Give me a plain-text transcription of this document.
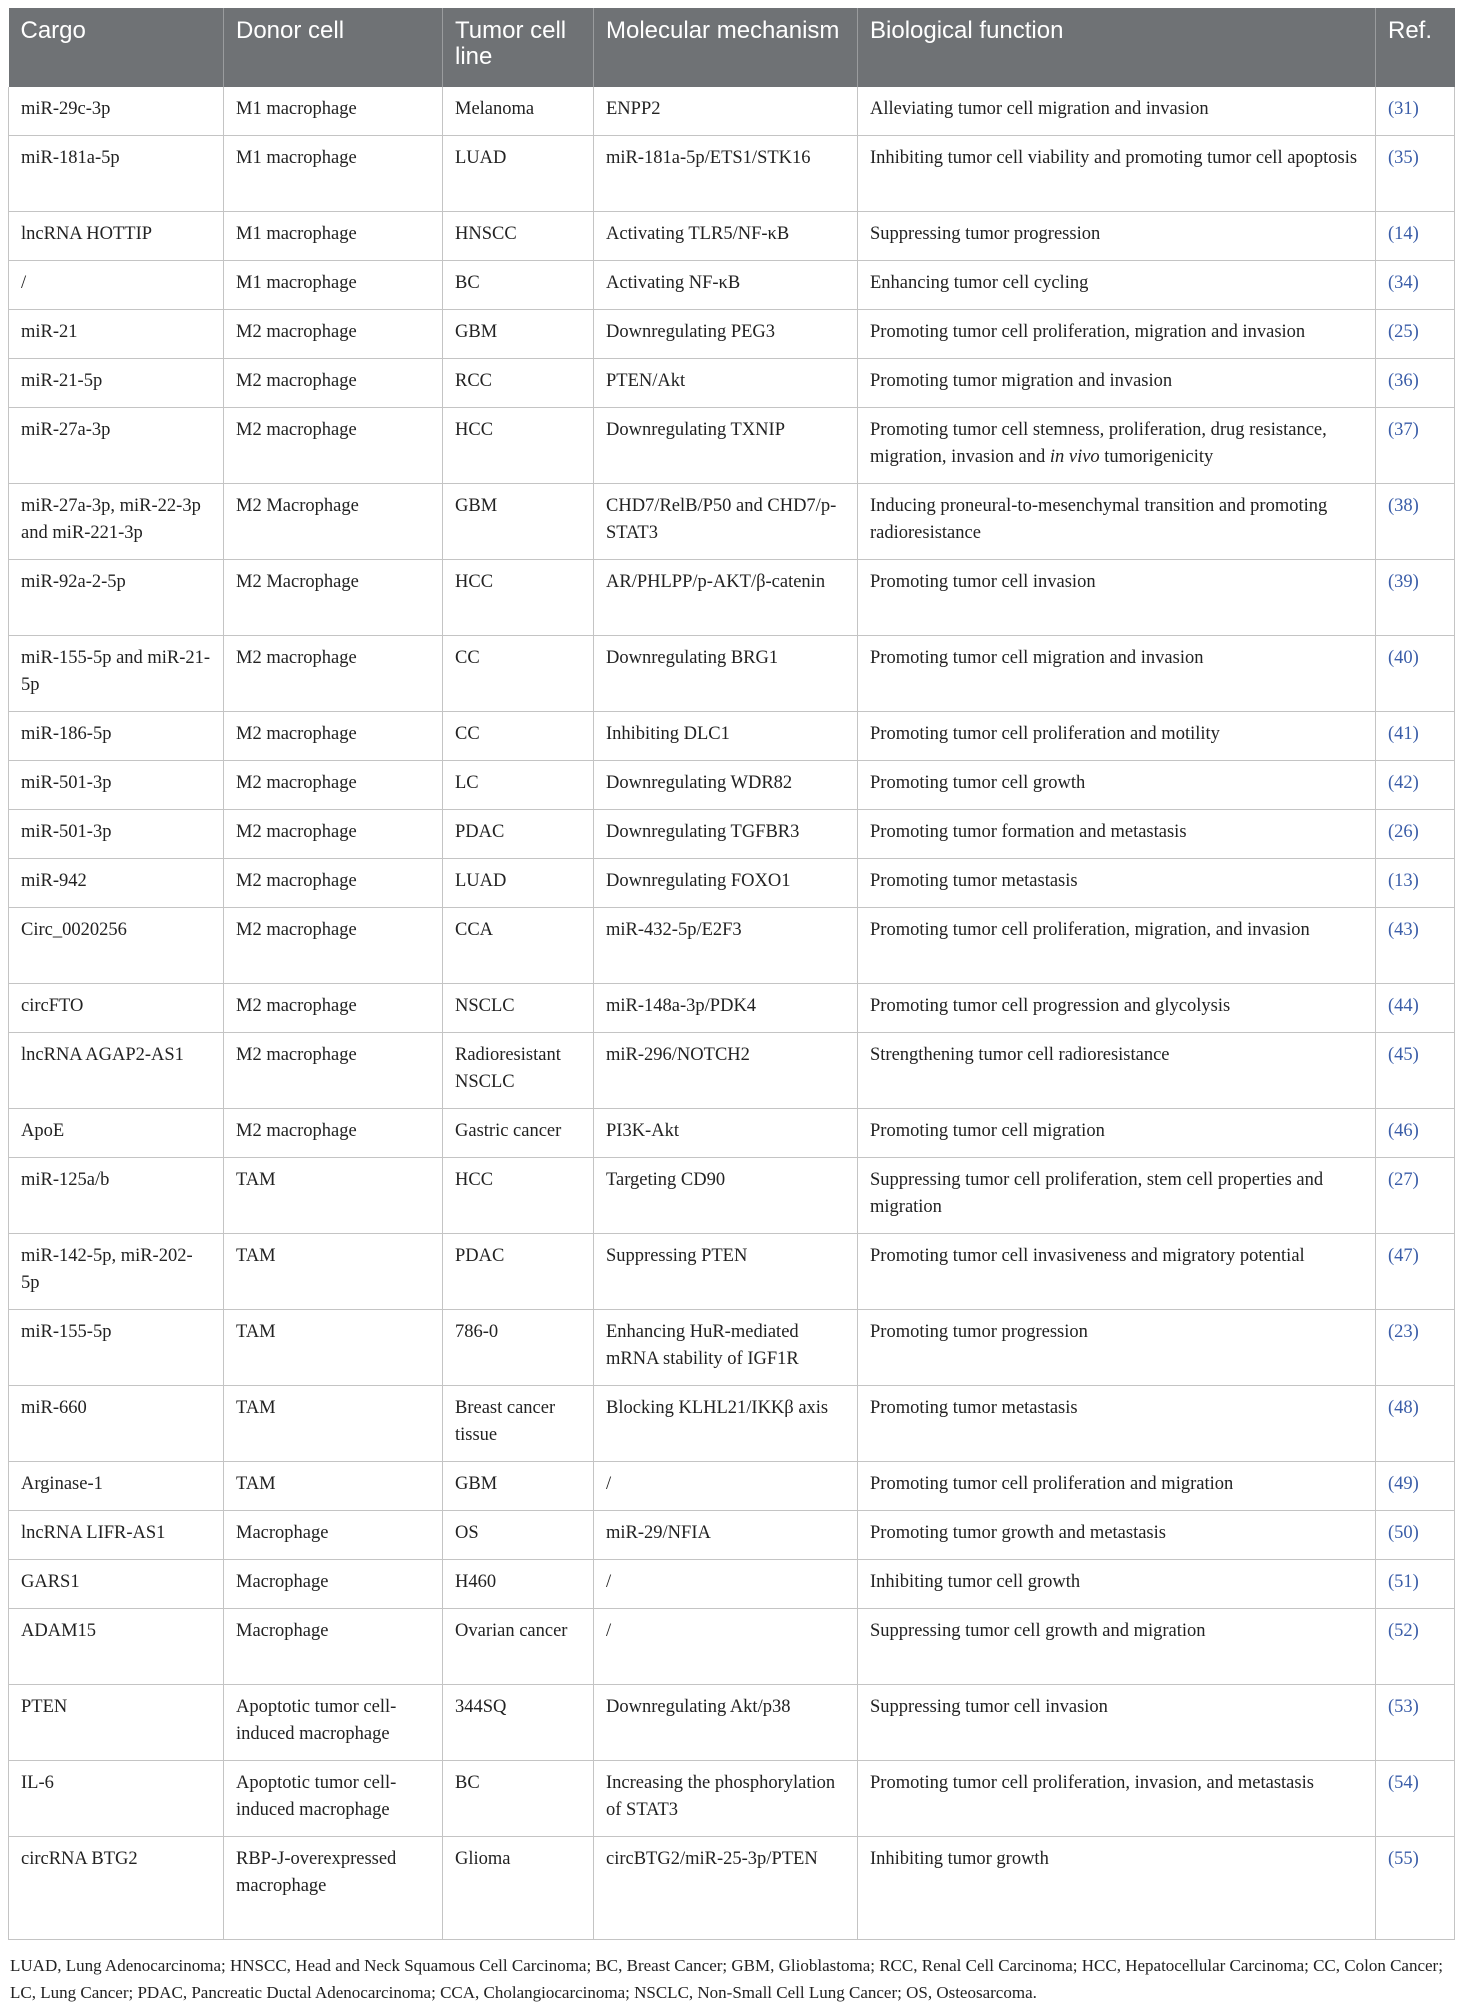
Cargo	Donor cell	Tumor cell line	Molecular mechanism	Biological function	Ref.
miR-29c-3p	M1 macrophage	Melanoma	ENPP2	Alleviating tumor cell migration and invasion	(31)
miR-181a-5p	M1 macrophage	LUAD	miR-181a-5p/ETS1/STK16	Inhibiting tumor cell viability and promoting tumor cell apoptosis	(35)
lncRNA HOTTIP	M1 macrophage	HNSCC	Activating TLR5/NF-κB	Suppressing tumor progression	(14)
/	M1 macrophage	BC	Activating NF-κB	Enhancing tumor cell cycling	(34)
miR-21	M2 macrophage	GBM	Downregulating PEG3	Promoting tumor cell proliferation, migration and invasion	(25)
miR-21-5p	M2 macrophage	RCC	PTEN/Akt	Promoting tumor migration and invasion	(36)
miR-27a-3p	M2 macrophage	HCC	Downregulating TXNIP	Promoting tumor cell stemness, proliferation, drug resistance, migration, invasion and in vivo tumorigenicity	(37)
miR-27a-3p, miR-22-3p and miR-221-3p	M2 Macrophage	GBM	CHD7/RelB/P50 and CHD7/p-STAT3	Inducing proneural-to-mesenchymal transition and promoting radioresistance	(38)
miR-92a-2-5p	M2 Macrophage	HCC	AR/PHLPP/p-AKT/β-catenin	Promoting tumor cell invasion	(39)
miR-155-5p and miR-21-5p	M2 macrophage	CC	Downregulating BRG1	Promoting tumor cell migration and invasion	(40)
miR-186-5p	M2 macrophage	CC	Inhibiting DLC1	Promoting tumor cell proliferation and motility	(41)
miR-501-3p	M2 macrophage	LC	Downregulating WDR82	Promoting tumor cell growth	(42)
miR-501-3p	M2 macrophage	PDAC	Downregulating TGFBR3	Promoting tumor formation and metastasis	(26)
miR-942	M2 macrophage	LUAD	Downregulating FOXO1	Promoting tumor metastasis	(13)
Circ_0020256	M2 macrophage	CCA	miR-432-5p/E2F3	Promoting tumor cell proliferation, migration, and invasion	(43)
circFTO	M2 macrophage	NSCLC	miR-148a-3p/PDK4	Promoting tumor cell progression and glycolysis	(44)
lncRNA AGAP2-AS1	M2 macrophage	Radioresistant NSCLC	miR-296/NOTCH2	Strengthening tumor cell radioresistance	(45)
ApoE	M2 macrophage	Gastric cancer	PI3K-Akt	Promoting tumor cell migration	(46)
miR-125a/b	TAM	HCC	Targeting CD90	Suppressing tumor cell proliferation, stem cell properties and migration	(27)
miR-142-5p, miR-202-5p	TAM	PDAC	Suppressing PTEN	Promoting tumor cell invasiveness and migratory potential	(47)
miR-155-5p	TAM	786-0	Enhancing HuR-mediated mRNA stability of IGF1R	Promoting tumor progression	(23)
miR-660	TAM	Breast cancer tissue	Blocking KLHL21/IKKβ axis	Promoting tumor metastasis	(48)
Arginase-1	TAM	GBM	/	Promoting tumor cell proliferation and migration	(49)
lncRNA LIFR-AS1	Macrophage	OS	miR-29/NFIA	Promoting tumor growth and metastasis	(50)
GARS1	Macrophage	H460	/	Inhibiting tumor cell growth	(51)
ADAM15	Macrophage	Ovarian cancer	/	Suppressing tumor cell growth and migration	(52)
PTEN	Apoptotic tumor cell-induced macrophage	344SQ	Downregulating Akt/p38	Suppressing tumor cell invasion	(53)
IL-6	Apoptotic tumor cell-induced macrophage	BC	Increasing the phosphorylation of STAT3	Promoting tumor cell proliferation, invasion, and metastasis	(54)
circRNA BTG2	RBP-J-overexpressed macrophage	Glioma	circBTG2/miR-25-3p/PTEN	Inhibiting tumor growth	(55)
LUAD, Lung Adenocarcinoma; HNSCC, Head and Neck Squamous Cell Carcinoma; BC, Breast Cancer; GBM, Glioblastoma; RCC, Renal Cell Carcinoma; HCC, Hepatocellular Carcinoma; CC, Colon Cancer; LC, Lung Cancer; PDAC, Pancreatic Ductal Adenocarcinoma; CCA, Cholangiocarcinoma; NSCLC, Non-Small Cell Lung Cancer; OS, Osteosarcoma.
